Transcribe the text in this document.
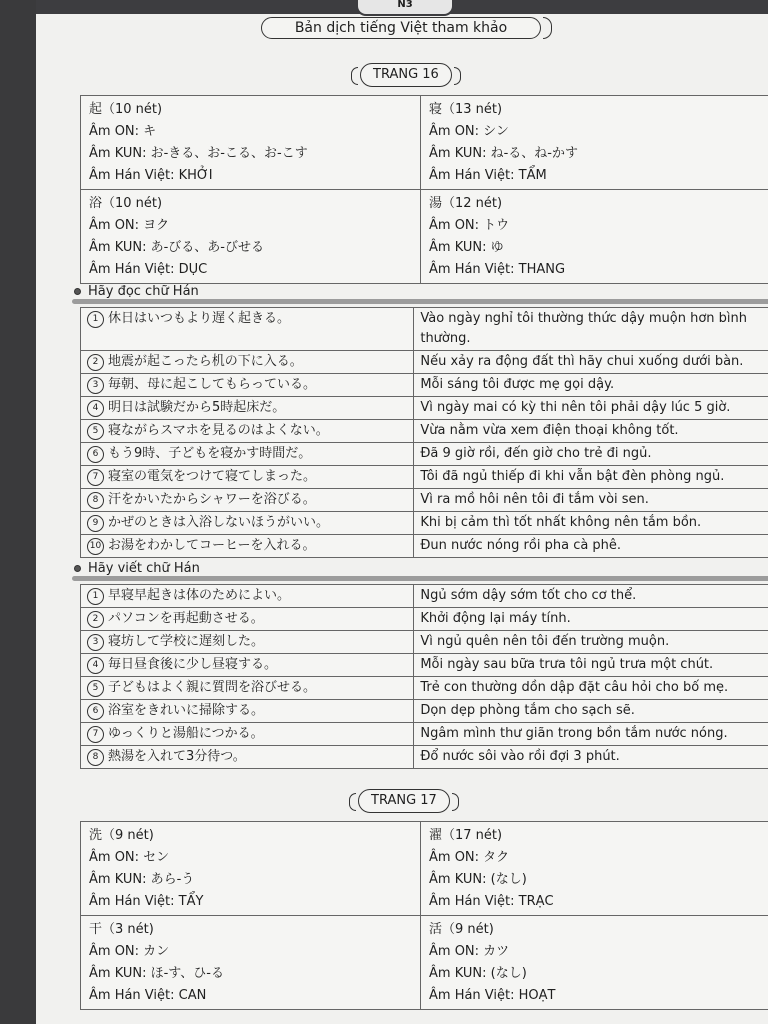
N3
Bản dịch tiếng Việt tham khảo
TRANG 16
起（10 nét)
Âm ON: キ
Âm KUN: お-きる、お-こる、お-こす
Âm Hán Việt: KHỞI
寝（13 nét)
Âm ON: シン
Âm KUN: ね-る、ね-かす
Âm Hán Việt: TẨM
浴（10 nét)
Âm ON: ヨク
Âm KUN: あ-びる、あ-びせる
Âm Hán Việt: DỤC
湯（12 nét)
Âm ON: トウ
Âm KUN: ゆ
Âm Hán Việt: THANG
Hãy đọc chữ Hán
1 休日はいつもより遅く起きる。	Vào ngày nghỉ tôi thường thức dậy muộn hơn bình thường.
2 地震が起こったら机の下に入る。	Nếu xảy ra động đất thì hãy chui xuống dưới bàn.
3 毎朝、母に起こしてもらっている。	Mỗi sáng tôi được mẹ gọi dậy.
4 明日は試験だから5時起床だ。	Vì ngày mai có kỳ thi nên tôi phải dậy lúc 5 giờ.
5 寝ながらスマホを見るのはよくない。	Vừa nằm vừa xem điện thoại không tốt.
6 もう9時、子どもを寝かす時間だ。	Đã 9 giờ rồi, đến giờ cho trẻ đi ngủ.
7 寝室の電気をつけて寝てしまった。	Tôi đã ngủ thiếp đi khi vẫn bật đèn phòng ngủ.
8 汗をかいたからシャワーを浴びる。	Vì ra mồ hôi nên tôi đi tắm vòi sen.
9 かぜのときは入浴しないほうがいい。	Khi bị cảm thì tốt nhất không nên tắm bồn.
10 お湯をわかしてコーヒーを入れる。	Đun nước nóng rồi pha cà phê.
Hãy viết chữ Hán
1 早寝早起きは体のためによい。	Ngủ sớm dậy sớm tốt cho cơ thể.
2 パソコンを再起動させる。	Khởi động lại máy tính.
3 寝坊して学校に遅刻した。	Vì ngủ quên nên tôi đến trường muộn.
4 毎日昼食後に少し昼寝する。	Mỗi ngày sau bữa trưa tôi ngủ trưa một chút.
5 子どもはよく親に質問を浴びせる。	Trẻ con thường dồn dập đặt câu hỏi cho bố mẹ.
6 浴室をきれいに掃除する。	Dọn dẹp phòng tắm cho sạch sẽ.
7 ゆっくりと湯船につかる。	Ngâm mình thư giãn trong bồn tắm nước nóng.
8 熱湯を入れて3分待つ。	Đổ nước sôi vào rồi đợi 3 phút.
TRANG 17
洗（9 nét)
Âm ON: セン
Âm KUN: あら-う
Âm Hán Việt: TẨY
濯（17 nét)
Âm ON: タク
Âm KUN: (なし)
Âm Hán Việt: TRẠC
干（3 nét)
Âm ON: カン
Âm KUN: ほ-す、ひ-る
Âm Hán Việt: CAN
活（9 nét)
Âm ON: カツ
Âm KUN: (なし)
Âm Hán Việt: HOẠT
